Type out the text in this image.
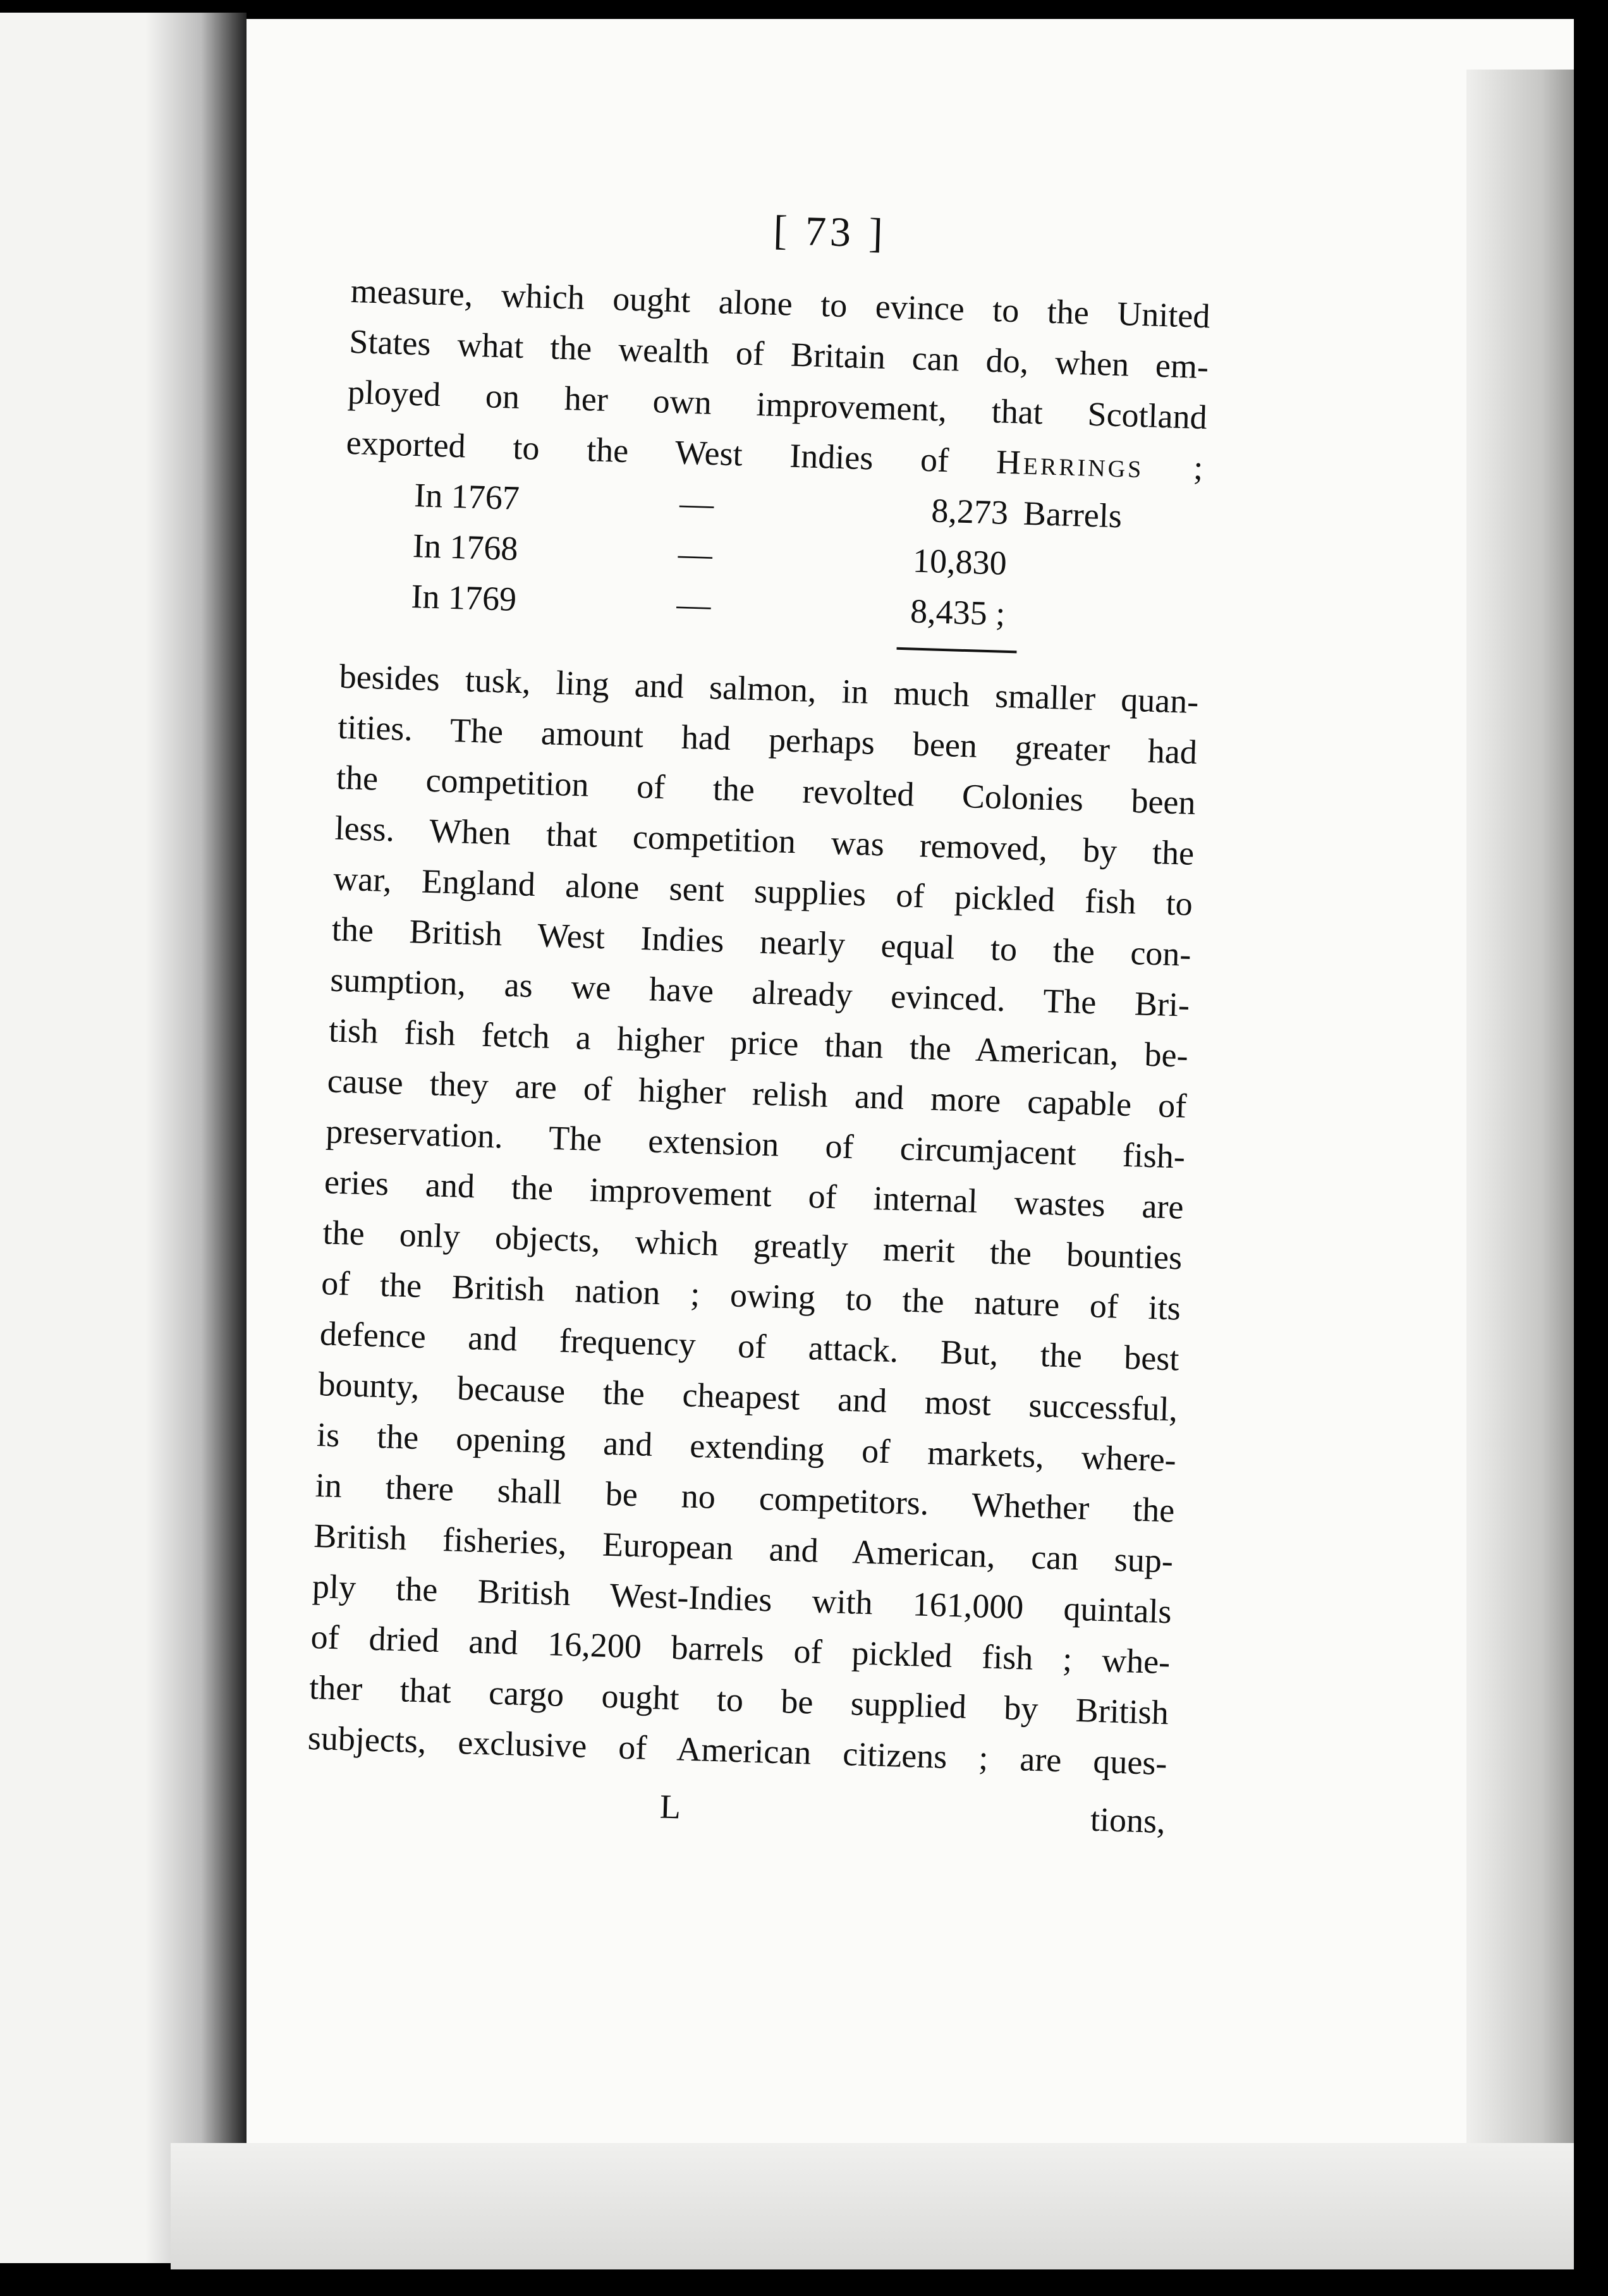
[ 73 ]
measure, which ought alone to evince to the United
States what the wealth of Britain can do, when em-
ployed on her own improvement, that Scotland
exported to the West Indies of Herrings ;
In 1767	—	8,273 Barrels
In 1768	—	10,830
In 1769	—	8,435 ;
besides tusk, ling and salmon, in much smaller quan-
tities. The amount had perhaps been greater had
the competition of the revolted Colonies been
less. When that competition was removed, by the
war, England alone sent supplies of pickled fish to
the British West Indies nearly equal to the con-
sumption, as we have already evinced. The Bri-
tish fish fetch a higher price than the American, be-
cause they are of higher relish and more capable of
preservation. The extension of circumjacent fish-
eries and the improvement of internal wastes are
the only objects, which greatly merit the bounties
of the British nation ; owing to the nature of its
defence and frequency of attack. But, the best
bounty, because the cheapest and most successful,
is the opening and extending of markets, where-
in there shall be no competitors. Whether the
British fisheries, European and American, can sup-
ply the British West-Indies with 161,000 quintals
of dried and 16,200 barrels of pickled fish ; whe-
ther that cargo ought to be supplied by British
subjects, exclusive of American citizens ; are ques-
L	tions,
